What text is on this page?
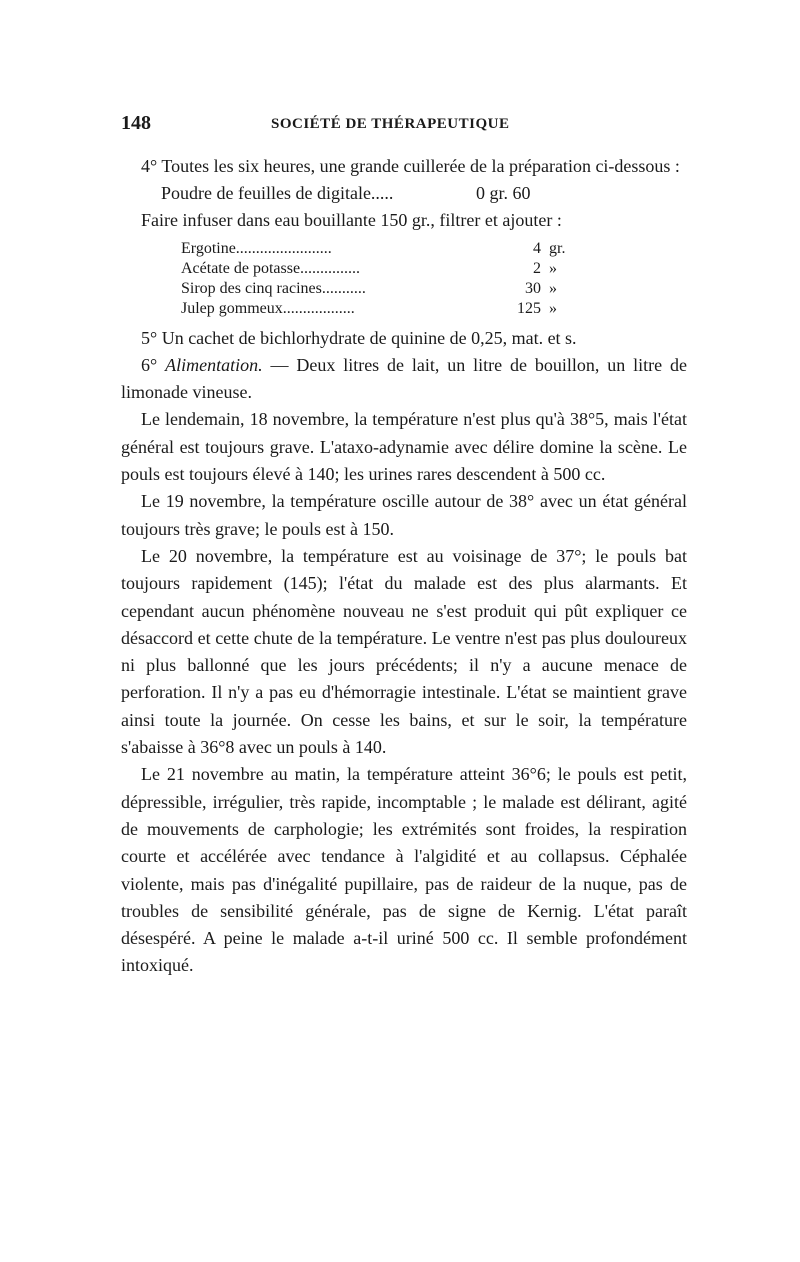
148	SOCIÉTÉ DE THÉRAPEUTIQUE

4° Toutes les six heures, une grande cuillerée de la préparation ci-dessous :

Poudre de feuilles de digitale.....	0 gr. 60

Faire infuser dans eau bouillante 150 gr., filtrer et ajouter :

Ergotine........................	4 gr.
Acétate de potasse...............	2 »
Sirop des cinq racines...........	30 »
Julep gommeux..................	125 »

5° Un cachet de bichlorhydrate de quinine de 0,25, mat. et s.

6° Alimentation. — Deux litres de lait, un litre de bouillon, un litre de limonade vineuse.

Le lendemain, 18 novembre, la température n'est plus qu'à 38°5, mais l'état général est toujours grave. L'ataxo-adynamie avec délire domine la scène. Le pouls est toujours élevé à 140; les urines rares descendent à 500 cc.

Le 19 novembre, la température oscille autour de 38° avec un état général toujours très grave; le pouls est à 150.

Le 20 novembre, la température est au voisinage de 37°; le pouls bat toujours rapidement (145); l'état du malade est des plus alarmants. Et cependant aucun phénomène nouveau ne s'est produit qui pût expliquer ce désaccord et cette chute de la température. Le ventre n'est pas plus douloureux ni plus ballonné que les jours précédents; il n'y a aucune menace de perforation. Il n'y a pas eu d'hémorragie intestinale. L'état se maintient grave ainsi toute la journée. On cesse les bains, et sur le soir, la température s'abaisse à 36°8 avec un pouls à 140.

Le 21 novembre au matin, la température atteint 36°6; le pouls est petit, dépressible, irrégulier, très rapide, incomptable ; le malade est délirant, agité de mouvements de carphologie; les extrémités sont froides, la respiration courte et accélérée avec tendance à l'algidité et au collapsus. Céphalée violente, mais pas d'inégalité pupillaire, pas de raideur de la nuque, pas de troubles de sensibilité générale, pas de signe de Kernig. L'état paraît désespéré. A peine le malade a-t-il uriné 500 cc. Il semble profondément intoxiqué.
